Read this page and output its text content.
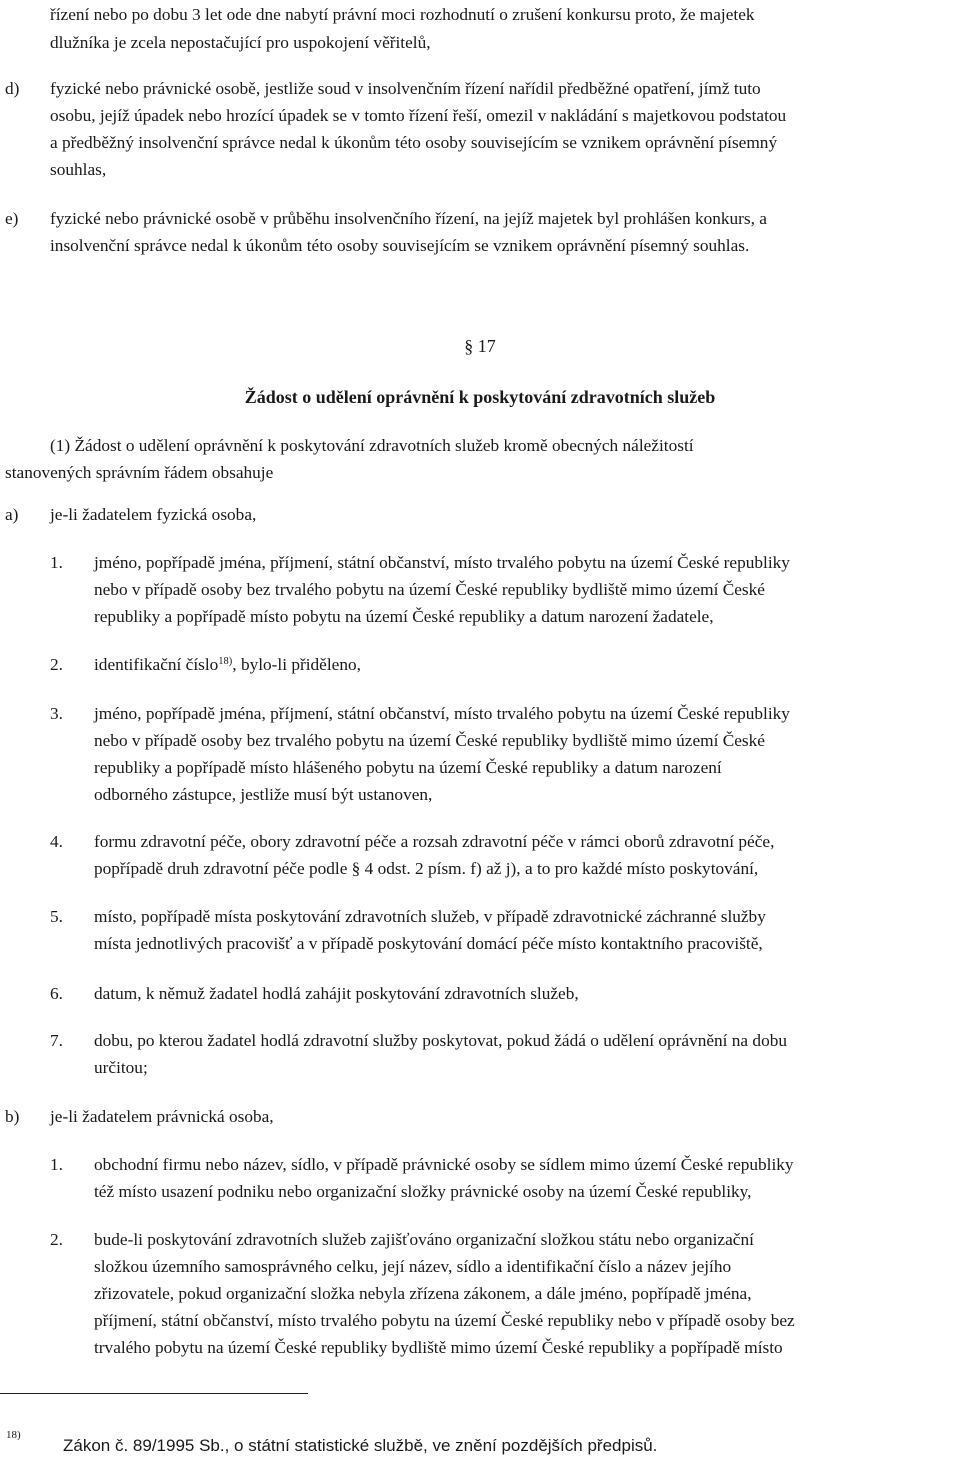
řízení nebo po dobu 3 let ode dne nabytí právní moci rozhodnutí o zrušení konkursu proto, že majetek
dlužníka je zcela nepostačující pro uspokojení věřitelů,
d) fyzické nebo právnické osobě, jestliže soud v insolvenčním řízení nařídil předběžné opatření, jímž tuto
osobu, jejíž úpadek nebo hrozící úpadek se v tomto řízení řeší, omezil v nakládání s majetkovou podstatou
a předběžný insolvenční správce nedal k úkonům této osoby souvisejícím se vznikem oprávnění písemný
souhlas,
e) fyzické nebo právnické osobě v průběhu insolvenčního řízení, na jejíž majetek byl prohlášen konkurs, a
insolvenční správce nedal k úkonům této osoby souvisejícím se vznikem oprávnění písemný souhlas.
§ 17
Žádost o udělení oprávnění k poskytování zdravotních služeb
(1) Žádost o udělení oprávnění k poskytování zdravotních služeb kromě obecných náležitostí
stanovených správním řádem obsahuje
a) je-li žadatelem fyzická osoba,
1. jméno, popřípadě jména, příjmení, státní občanství, místo trvalého pobytu na území České republiky
nebo v případě osoby bez trvalého pobytu na území České republiky bydliště mimo území České
republiky a popřípadě místo pobytu na území České republiky a datum narození žadatele,
2. identifikační číslo$^{18)}$, bylo-li přiděleno,
3. jméno, popřípadě jména, příjmení, státní občanství, místo trvalého pobytu na území České republiky
nebo v případě osoby bez trvalého pobytu na území České republiky bydliště mimo území České
republiky a popřípadě místo hlášeného pobytu na území České republiky a datum narození
odborného zástupce, jestliže musí být ustanoven,
4. formu zdravotní péče, obory zdravotní péče a rozsah zdravotní péče v rámci oborů zdravotní péče,
popřípadě druh zdravotní péče podle § 4 odst. 2 písm. f) až j), a to pro každé místo poskytování,
5. místo, popřípadě místa poskytování zdravotních služeb, v případě zdravotnické záchranné služby
místa jednotlivých pracovišť a v případě poskytování domácí péče místo kontaktního pracoviště,
6. datum, k němuž žadatel hodlá zahájit poskytování zdravotních služeb,
7. dobu, po kterou žadatel hodlá zdravotní služby poskytovat, pokud žádá o udělení oprávnění na dobu
určitou;
b) je-li žadatelem právnická osoba,
1. obchodní firmu nebo název, sídlo, v případě právnické osoby se sídlem mimo území České republiky
též místo usazení podniku nebo organizační složky právnické osoby na území České republiky,
2. bude-li poskytování zdravotních služeb zajišťováno organizační složkou státu nebo organizační
složkou územního samosprávného celku, její název, sídlo a identifikační číslo a název jejího
zřizovatele, pokud organizační složka nebyla zřízena zákonem, a dále jméno, popřípadě jména,
příjmení, státní občanství, místo trvalého pobytu na území České republiky nebo v případě osoby bez
trvalého pobytu na území České republiky bydliště mimo území České republiky a popřípadě místo
18)
Zákon č. 89/1995 Sb., o státní statistické službě, ve znění pozdějších předpisů.
